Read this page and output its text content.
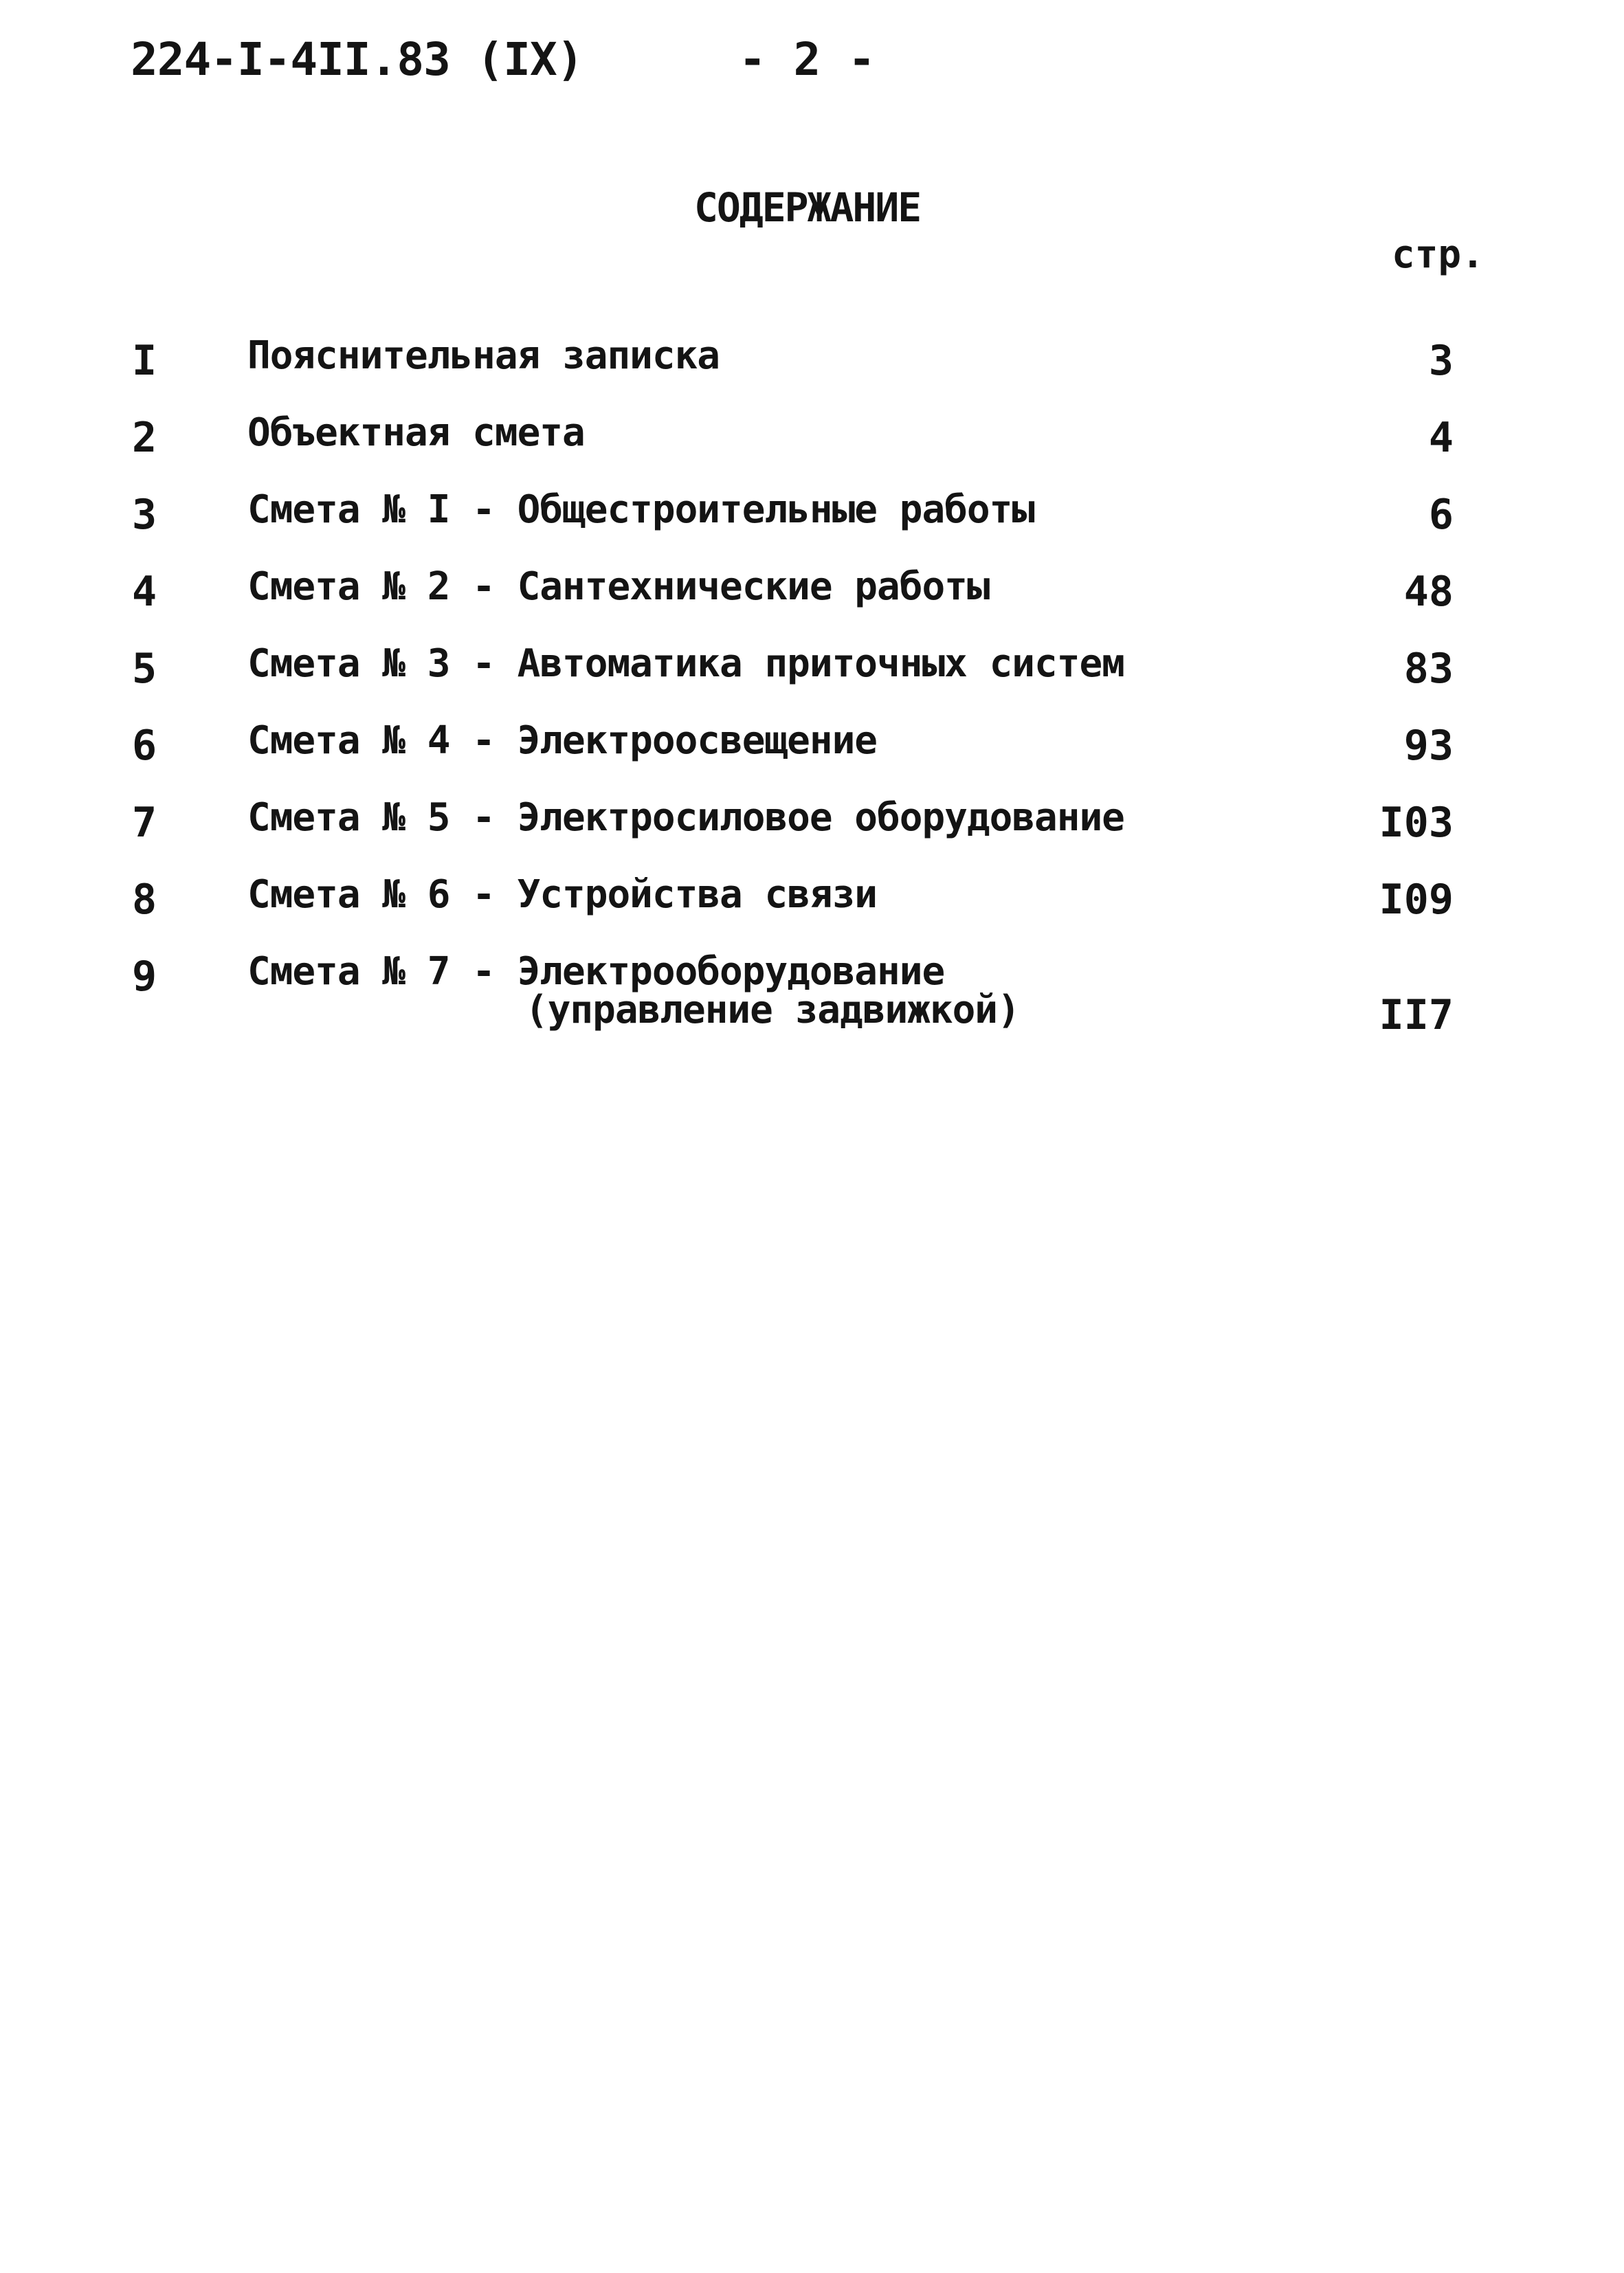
224-I-4II.83 (IX)	- 2 -
СОДЕРЖАНИЕ
стр.
I Пояснительная записка	3
2 Объектная смета	4
3 Смета № I - Общестроительные работы	6
4 Смета № 2 - Сантехнические работы	48
5 Смета № 3 - Автоматика приточных систем	83
6 Смета № 4 - Электроосвещение	93
7 Смета № 5 - Электросиловое оборудование	I03
8 Смета № 6 - Устройства связи	I09
9 Смета № 7 - Электрооборудование
(управление задвижкой)	II7
